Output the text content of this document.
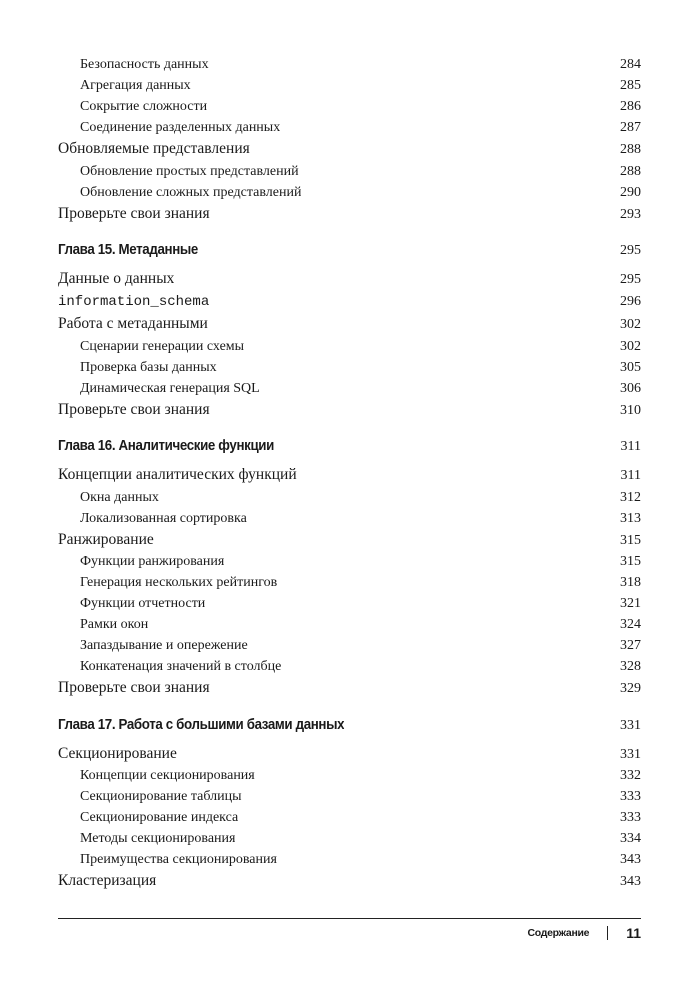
Безопасность данных	284
Агрегация данных	285
Сокрытие сложности	286
Соединение разделенных данных	287
Обновляемые представления	288
Обновление простых представлений	288
Обновление сложных представлений	290
Проверьте свои знания	293
Глава 15. Метаданные	295
Данные о данных	295
information_schema	296
Работа с метаданными	302
Сценарии генерации схемы	302
Проверка базы данных	305
Динамическая генерация SQL	306
Проверьте свои знания	310
Глава 16. Аналитические функции	311
Концепции аналитических функций	311
Окна данных	312
Локализованная сортировка	313
Ранжирование	315
Функции ранжирования	315
Генерация нескольких рейтингов	318
Функции отчетности	321
Рамки окон	324
Запаздывание и опережение	327
Конкатенация значений в столбце	328
Проверьте свои знания	329
Глава 17. Работа с большими базами данных	331
Секционирование	331
Концепции секционирования	332
Секционирование таблицы	333
Секционирование индекса	333
Методы секционирования	334
Преимущества секционирования	343
Кластеризация	343
Содержание	11
